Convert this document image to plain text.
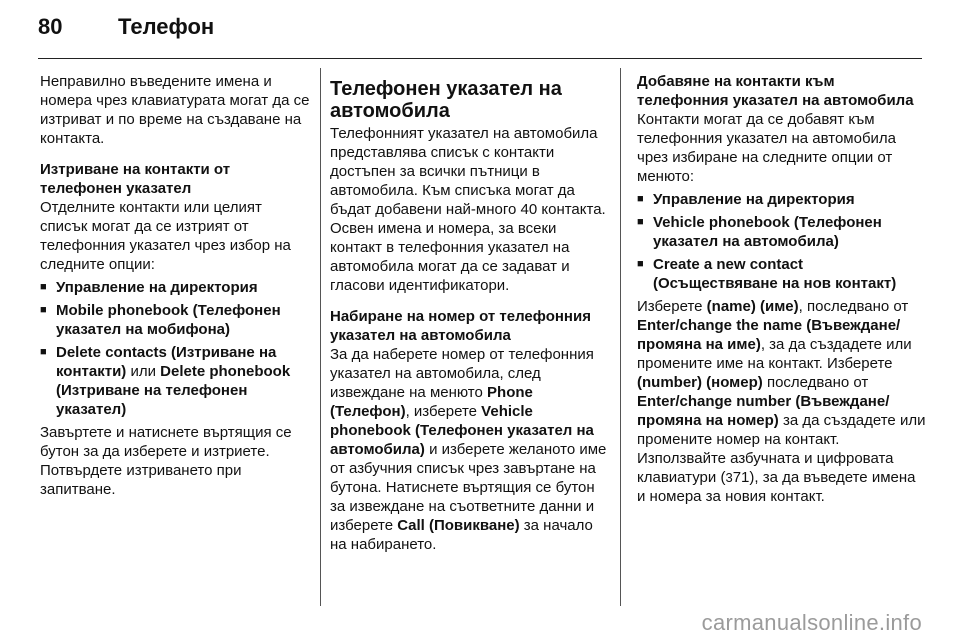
80	Телефон

Неправилно въведените имена и номера чрез клавиатурата могат да се изтриват и по време на създаване на контакта.

Изтриване на контакти от телефонен указател

Отделните контакти или целият списък могат да се изтрият от телефонния указател чрез избор на следните опции:

■ Управление на директория
■ Mobile phonebook (Телефонен указател на мобифона)
■ Delete contacts (Изтриване на контакти) или Delete phonebook (Изтриване на телефонен указател)

Завъртете и натиснете въртящия се бутон за да изберете и изтриете. Потвърдете изтриването при запитване.

Телефонен указател на автомобила

Телефонният указател на автомобила представлява списък с контакти достъпен за всички пътници в автомобила. Към списъка могат да бъдат добавени най-много 40 контакта. Освен имена и номера, за всеки контакт в телефонния указател на автомобила могат да се задават и гласови идентификатори.

Набиране на номер от телефонния указател на автомобила

За да наберете номер от телефонния указател на автомобила, след извеждане на менюто Phone (Телефон), изберете Vehicle phonebook (Телефонен указател на автомобила) и изберете желаното име от азбучния списък чрез завъртане на бутона. Натиснете въртящия се бутон за извеждане на съответните данни и изберете Call (Повикване) за начало на набирането.

Добавяне на контакти към телефонния указател на автомобила

Контакти могат да се добавят към телефонния указател на автомобила чрез избиране на следните опции от менюто:

■ Управление на директория
■ Vehicle phonebook (Телефонен указател на автомобила)
■ Create a new contact (Осъществяване на нов контакт)

Изберете (name) (име), последвано от Enter/change the name (Въвеждане/промяна на име), за да създадете или промените име на контакт. Изберете (number) (номер) последвано от Enter/change number (Въвеждане/промяна на номер) за да създадете или промените номер на контакт. Използвайте азбучната и цифровата клавиатури (371), за да въведете имена и номера за новия контакт.

carmanualsonline.info
